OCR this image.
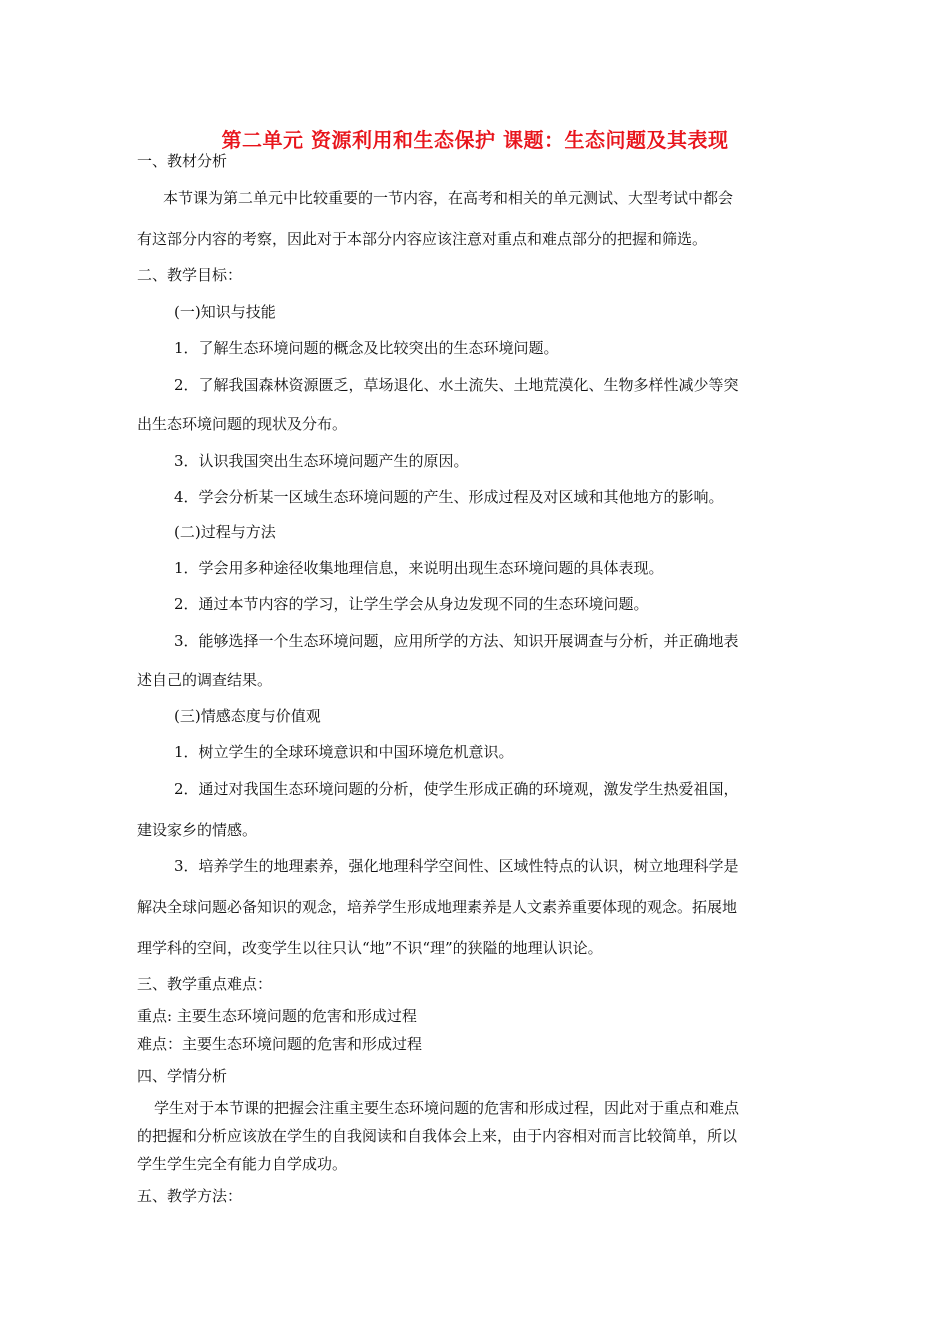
第二单元 资源利用和生态保护 课题：生态问题及其表现
一、教材分析
本节课为第二单元中比较重要的一节内容，在高考和相关的单元测试、大型考试中都会
有这部分内容的考察，因此对于本部分内容应该注意对重点和难点部分的把握和筛选。
二、教学目标：
(一)知识与技能
1．了解生态环境问题的概念及比较突出的生态环境问题。
2．了解我国森林资源匮乏，草场退化、水土流失、土地荒漠化、生物多样性减少等突
出生态环境问题的现状及分布。
3．认识我国突出生态环境问题产生的原因。
4．学会分析某一区域生态环境问题的产生、形成过程及对区域和其他地方的影响。
(二)过程与方法
1．学会用多种途径收集地理信息，来说明出现生态环境问题的具体表现。
2．通过本节内容的学习，让学生学会从身边发现不同的生态环境问题。
3．能够选择一个生态环境问题，应用所学的方法、知识开展调查与分析，并正确地表
述自己的调查结果。
(三)情感态度与价值观
1．树立学生的全球环境意识和中国环境危机意识。
2．通过对我国生态环境问题的分析，使学生形成正确的环境观，激发学生热爱祖国，
建设家乡的情感。
3．培养学生的地理素养，强化地理科学空间性、区域性特点的认识，树立地理科学是
解决全球问题必备知识的观念，培养学生形成地理素养是人文素养重要体现的观念。拓展地
理学科的空间，改变学生以往只认“地”不识“理”的狭隘的地理认识论。
三、教学重点难点：
重点: 主要生态环境问题的危害和形成过程
难点：主要生态环境问题的危害和形成过程
四、学情分析
学生对于本节课的把握会注重主要生态环境问题的危害和形成过程，因此对于重点和难点
的把握和分析应该放在学生的自我阅读和自我体会上来，由于内容相对而言比较简单，所以
学生学生完全有能力自学成功。
五、教学方法：
